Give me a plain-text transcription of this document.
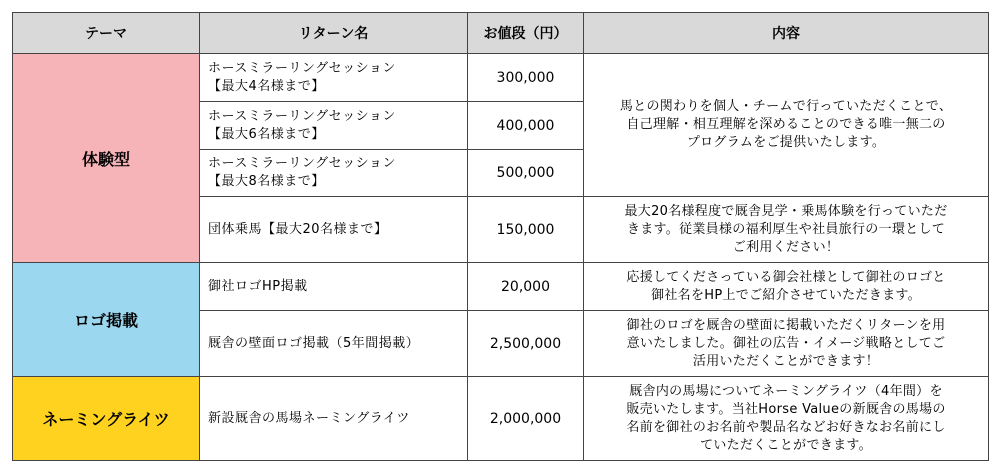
テーマ	リターン名	お値段（円）	内容
体験型	ホースミラーリングセッション
【最大4名様まで】	300,000	馬との関わりを個人・チームで行っていただくことで、
自己理解・相互理解を深めることのできる唯一無二の
プログラムをご提供いたします。

	ホースミラーリングセッション
【最大6名様まで】	400,000	

	ホースミラーリングセッション
【最大8名様まで】	500,000	
	団体乗馬【最大20名様まで】	150,000	最大20名様程度で厩舎見学・乗馬体験を行っていただ
きます。従業員様の福利厚生や社員旅行の一環として
ご利用ください！

ロゴ掲載	御社ロゴHP掲載	20,000	応援してくださっている御会社様として御社のロゴと
御社名をHP上でご紹介させていただきます。

	厩舎の壁面ロゴ掲載（5年間掲載）	2,500,000	御社のロゴを厩舎の壁面に掲載いただくリターンを用
意いたしました。御社の広告・イメージ戦略としてご
活用いただくことができます！

ネーミングライツ	新設厩舎の馬場ネーミングライツ	2,000,000	厩舎内の馬場についてネーミングライツ（4年間）を
販売いたします。当社Horse Valueの新厩舎の馬場の
名前を御社のお名前や製品名などお好きなお名前にし
ていただくことができます。
